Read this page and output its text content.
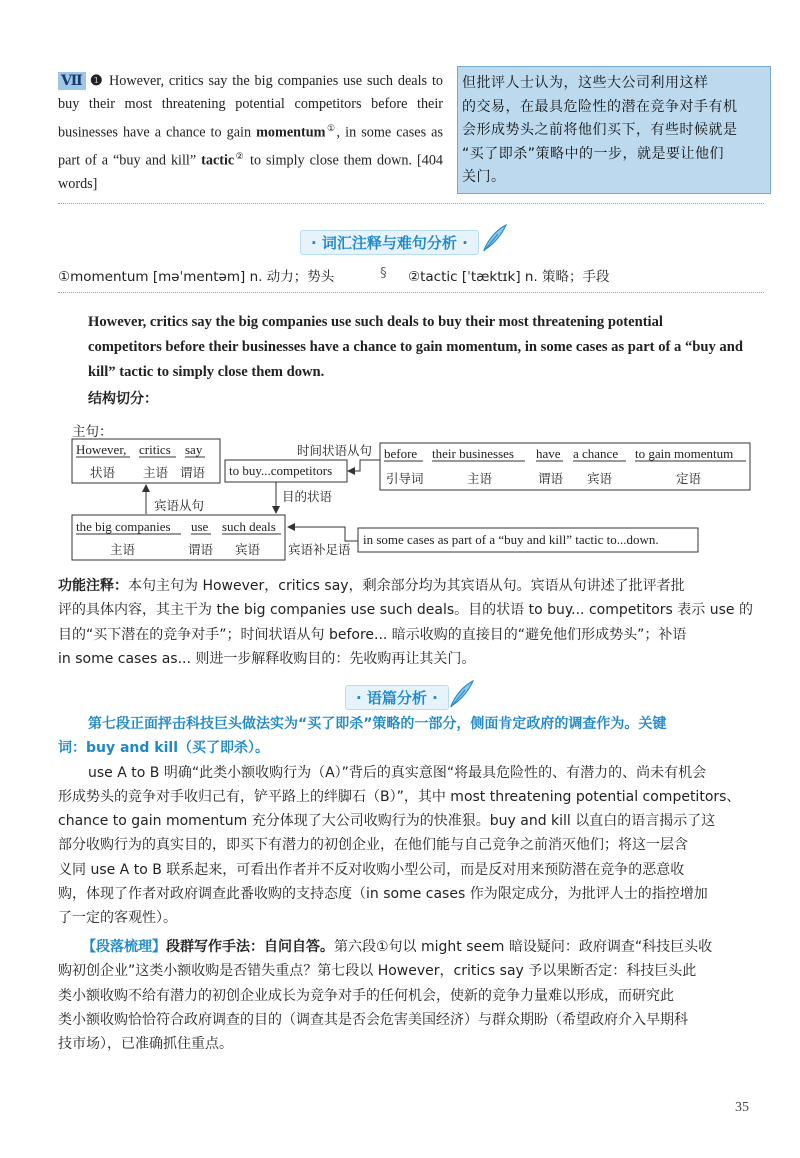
Ⅶ ❶ However, critics say the big companies use such deals to buy their most threatening potential competitors before their businesses have a chance to gain momentum①, in some cases as part of a “buy and kill” tactic② to simply close them down. [404 words]
但批评人士认为，这些大公司利用这样
的交易，在最具危险性的潜在竞争对手有机
会形成势头之前将他们买下，有些时候就是
“买了即杀”策略中的一步，就是要让他们
关门。
· 词汇注释与难句分析 ·
①momentum [məˈmentəm] n. 动力；势头	§ ②tactic [ˈtæktɪk] n. 策略；手段
However, critics say the big companies use such deals to buy their most threatening potential
competitors before their businesses have a chance to gain momentum, in some cases as part of a “buy and
kill” tactic to simply close them down.
结构切分：
主句：
However, critics say
状语 主语 谓语 to buy...competitors
时间状语从句 before their businesses have a chance to gain momentum
引导词	主语	谓语 宾语	定语
宾语从句
目的状语
the big companies use such deals
主语	谓语 宾语 宾语补足语
in some cases as part of a “buy and kill” tactic to...down.
功能注释：本句主句为 However，critics say，剩余部分均为其宾语从句。宾语从句讲述了批评者批
评的具体内容，其主干为 the big companies use such deals。目的状语 to buy... competitors 表示 use 的
目的“买下潜在的竞争对手”；时间状语从句 before... 暗示收购的直接目的“避免他们形成势头”；补语
in some cases as... 则进一步解释收购目的：先收购再让其关门。
· 语篇分析 ·
第七段正面抨击科技巨头做法实为“买了即杀”策略的一部分，侧面肯定政府的调查作为。关键
词：buy and kill（买了即杀）。
use A to B 明确“此类小额收购行为（A）”背后的真实意图“将最具危险性的、有潜力的、尚未有机会
形成势头的竞争对手收归己有，铲平路上的绊脚石（B）”，其中 most threatening potential competitors、
chance to gain momentum 充分体现了大公司收购行为的快准狠。buy and kill 以直白的语言揭示了这
部分收购行为的真实目的，即买下有潜力的初创企业，在他们能与自己竞争之前消灭他们；将这一层含
义同 use A to B 联系起来，可看出作者并不反对收购小型公司，而是反对用来预防潜在竞争的恶意收
购，体现了作者对政府调查此番收购的支持态度（in some cases 作为限定成分，为批评人士的指控增加
了一定的客观性）。
【段落梳理】段群写作手法：自问自答。第六段①句以 might seem 暗设疑问：政府调查“科技巨头收
购初创企业”这类小额收购是否错失重点？第七段以 However，critics say 予以果断否定：科技巨头此
类小额收购不给有潜力的初创企业成长为竞争对手的任何机会，使新的竞争力量难以形成，而研究此
类小额收购恰恰符合政府调查的目的（调查其是否会危害美国经济）与群众期盼（希望政府介入早期科
技市场），已准确抓住重点。
35
